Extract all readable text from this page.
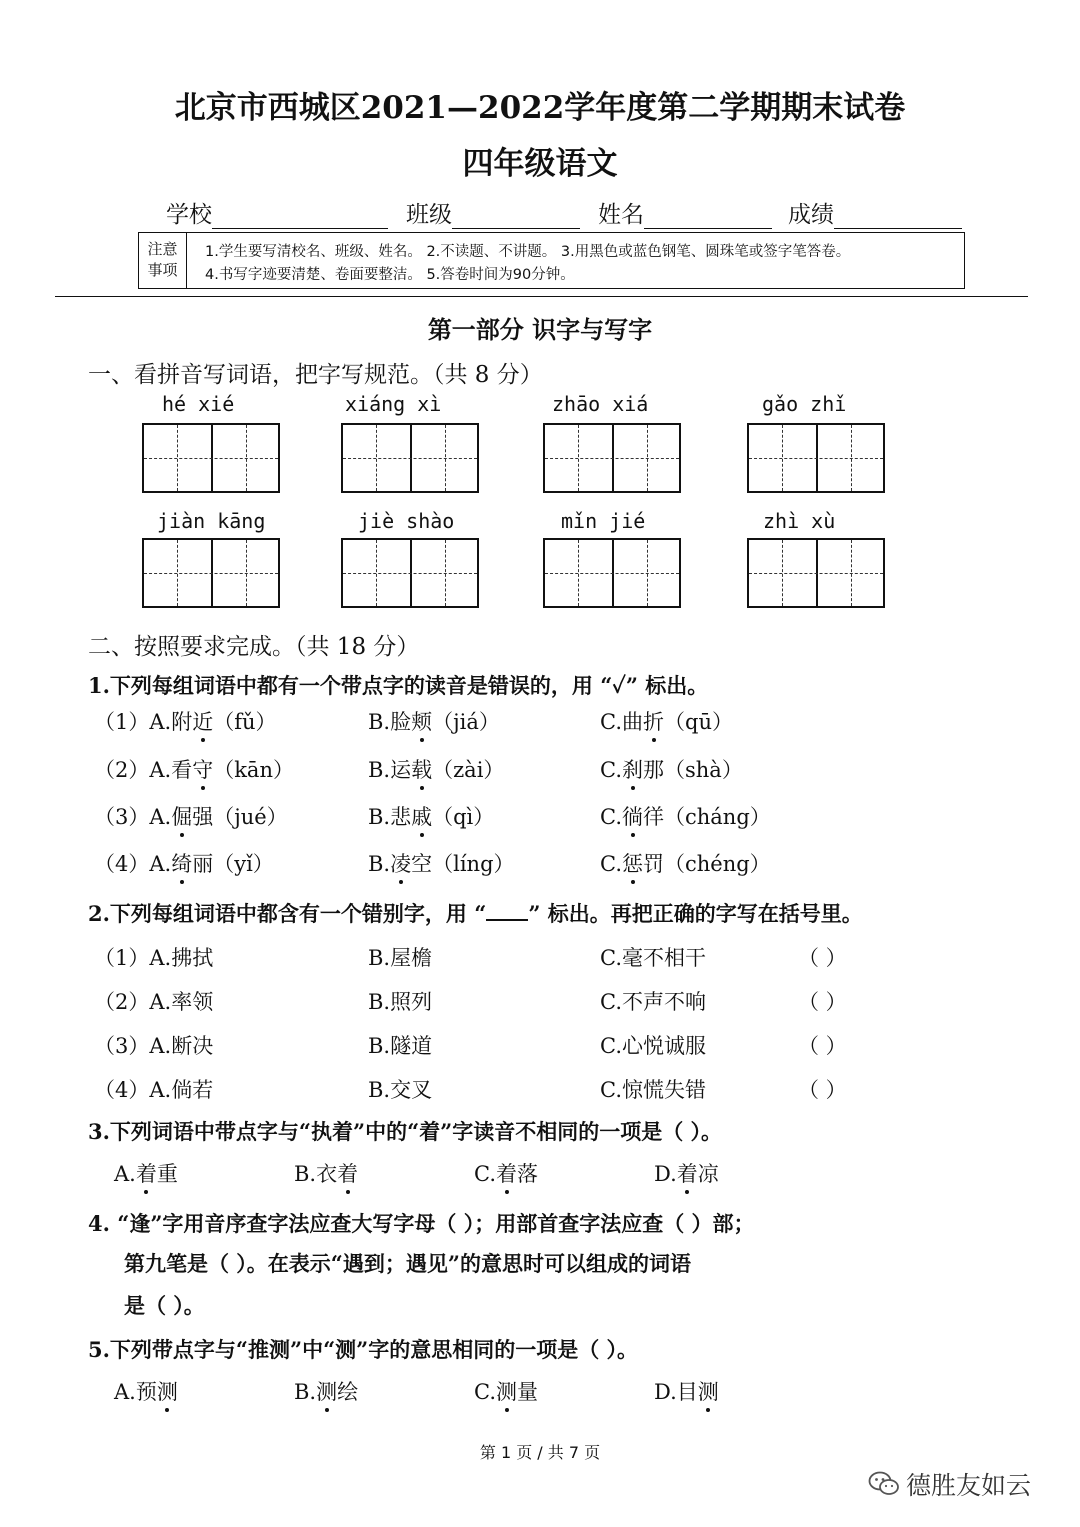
北京市西城区2021—2022学年度第二学期期末试卷
四年级语文
学校	班级	姓名	成绩
注意
事项
1.学生要写清校名、班级、姓名。 2.不读题、不讲题。 3.用黑色或蓝色钢笔、圆珠笔或签字笔答卷。
4.书写字迹要清楚、卷面要整洁。 5.答卷时间为90分钟。
第一部分 识字与写字
一、看拼音写词语，把字写规范。（共 8 分）
hé xié	xiáng xì	zhāo xiá	gǎo zhǐ
jiàn kāng	jiè shào	mǐn jié	zhì xù
二、按照要求完成。（共 18 分）
1.下列每组词语中都有一个带点字的读音是错误的，用 “✓” 标出。
（1）A.附近（fǔ）	B.脸颊（jiá）	C.曲折（qū）
（2）A.看守（kān）	B.运载（zài）	C.刹那（shà）
（3）A.倔强（jué）	B.悲戚（qì）	C.徜徉（cháng）
（4）A.绮丽（yǐ）	B.凌空（líng）	C.惩罚（chéng）
2.下列每组词语中都含有一个错别字，用 “ ” 标出。再把正确的字写在括号里。
（1）A.拂拭	B.屋檐	C.毫不相干	（ ）
（2）A.率领	B.照列	C.不声不响	（ ）
（3）A.断决	B.隧道	C.心悦诚服	（ ）
（4）A.倘若	B.交叉	C.惊慌失错	（ ）
3.下列词语中带点字与“执着”中的“着”字读音不相同的一项是（ ）。
A.着重	B.衣着	C.着落	D.着凉
4. “逢”字用音序查字法应查大写字母（ ）；用部首查字法应查（ ）部；
第九笔是（ ）。在表示“遇到；遇见”的意思时可以组成的词语
是（ ）。
5.下列带点字与“推测”中“测”字的意思相同的一项是（ ）。
A.预测	B.测绘	C.测量	D.目测
第 1 页 / 共 7 页
德胜友如云
